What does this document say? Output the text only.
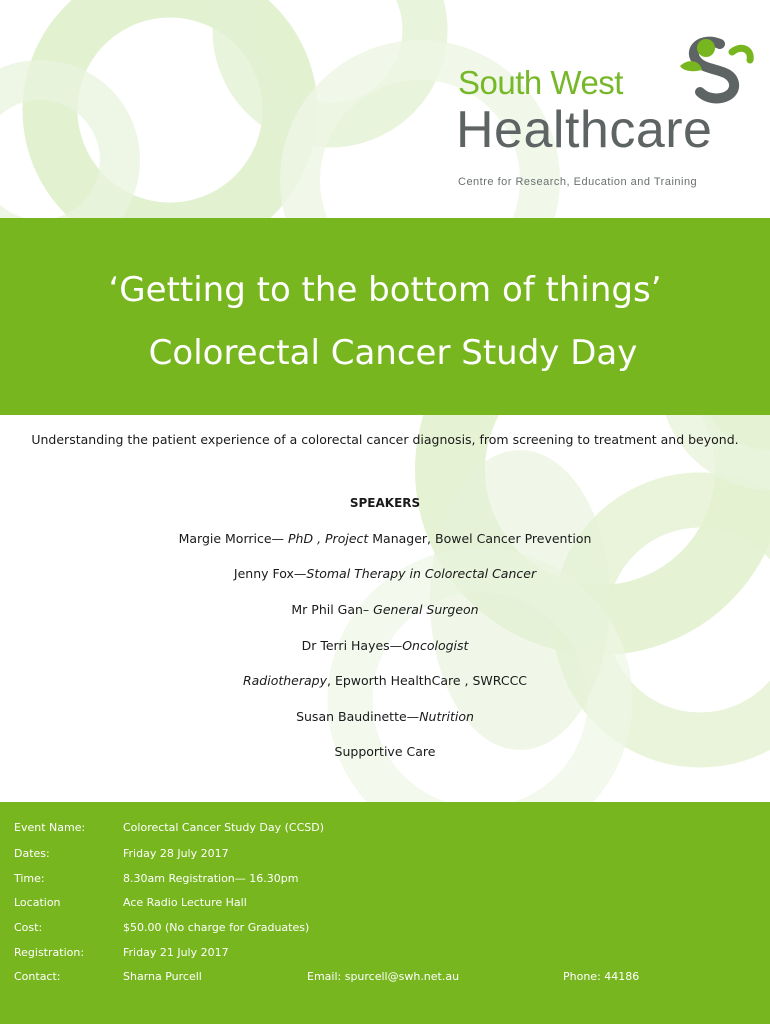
South West
Healthcare
Centre for Research, Education and Training
‘Getting to the bottom of things’
Colorectal Cancer Study Day
Understanding the patient experience of a colorectal cancer diagnosis, from screening to treatment and beyond.
SPEAKERS
Margie Morrice— PhD , Project Manager, Bowel Cancer Prevention
Jenny Fox—Stomal Therapy in Colorectal Cancer
Mr Phil Gan– General Surgeon
Dr Terri Hayes—Oncologist
Radiotherapy, Epworth HealthCare , SWRCCC
Susan Baudinette—Nutrition
Supportive Care
Event Name:	Colorectal Cancer Study Day (CCSD)
Dates:	Friday 28 July 2017
Time:	8.30am Registration— 16.30pm
Location	Ace Radio Lecture Hall
Cost:	$50.00 (No charge for Graduates)
Registration:	Friday 21 July 2017
Contact:	Sharna Purcell	Email: spurcell@swh.net.au	Phone: 44186
